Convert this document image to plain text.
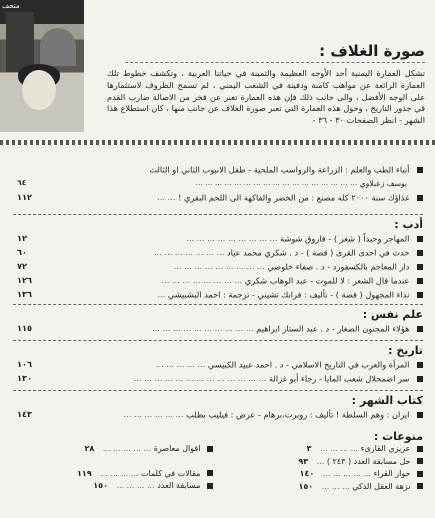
متحف
صورة الغلاف :

تشكل العمارة اليمنية أحد الأوجه العظيمة والثمينة في حياتنا العربية ، وتكشف خطوط تلك العمارة الرائعة عن مواهب كامنة ودفينة في الشعب اليمني ، لم تسمح الظروف لاستثمارها على الوجه الأفضل ، والى جانب ذلك فإن هذه العمارة تعبر عن فخر من الاصالة ضارب القدم في جذور التاريخ ، وحول هذه العمارة التي تعبر صورة الغلاف عن جانب منها ، كان استطلاع هذا الشهر - انظر الصفحات ٣٠ - ٣٦ -

أنباء الطب والعلم : الزراعة والرواسب الملحية - طفل الانبوب الثاني او الثالث
يوسف زعبلاوي ... ... ... ... ... ... ... ... ... ... ... ... ... ... ... ... ...
٦٤
غذاؤك سنة ٢٠٠٠ كله مصنع : من الخضر والفاكهة الى اللحم البقري ! ... ...
١١٢
أدب :
المهاجر وحيداً ( شعر ) - فاروق شوشة ... ... ... ... ... ... ... ... ...
١٢
حدث في احدى القرى ( قصة ) - د . شكري محمد عياد ... ... ... ... ... ... ...
٦٠
دار المعاجم بالكسفورد - د . صفاء خلوصي ... ... ... ... ... ... ... ... ...
٧٢
عندما قال الشعر : لا للموت - عبد الوهاب شكري ... ... ... ... ... ... ... ...
١٢٦
نداء المجهول ( قصة ) - تأليف : فرانك تشيني - ترجمة : احمد البشبيشي ...
١٣٦
علم نفس :
هؤلاء المجنون الصغار - د . عبد الستار ابراهيم ... ... ... ... ... ... ... ... ... ...
١١٥
تاريخ :
المرأة والعرب في التاريخ الاسلامي - د . احمد عبيد الكبيسي ... ... ... ... ...
١٠٦
سر اضمحلال شعب المايا - رجاء أبو غزالة ... ... ... ... ... ... ... ... ... ... ... ... ...
١٣٠
كتاب الشهر :
ايران : وهم السلطة ! تأليف : روبرت،برهام - عرض : فيليب بطلب ... ... ... ... ... ...
١٤٣
منوعات :
عزيزي القارىء ... ... ... ... ٣
حل مسابقة العدد ( ٢٤٣ ) ... ٩٣
حوار القراء ... ... ... ... ... ١٤٠
نزهة العقل الذكي ... ... ... ١٥٠
اقوال معاصرة ... ... ... ... ... ٢٨
مقالات في كلمات ... ... ... ... ١١٩
مسابقة العدد ... ... ... ... ١٥٠
